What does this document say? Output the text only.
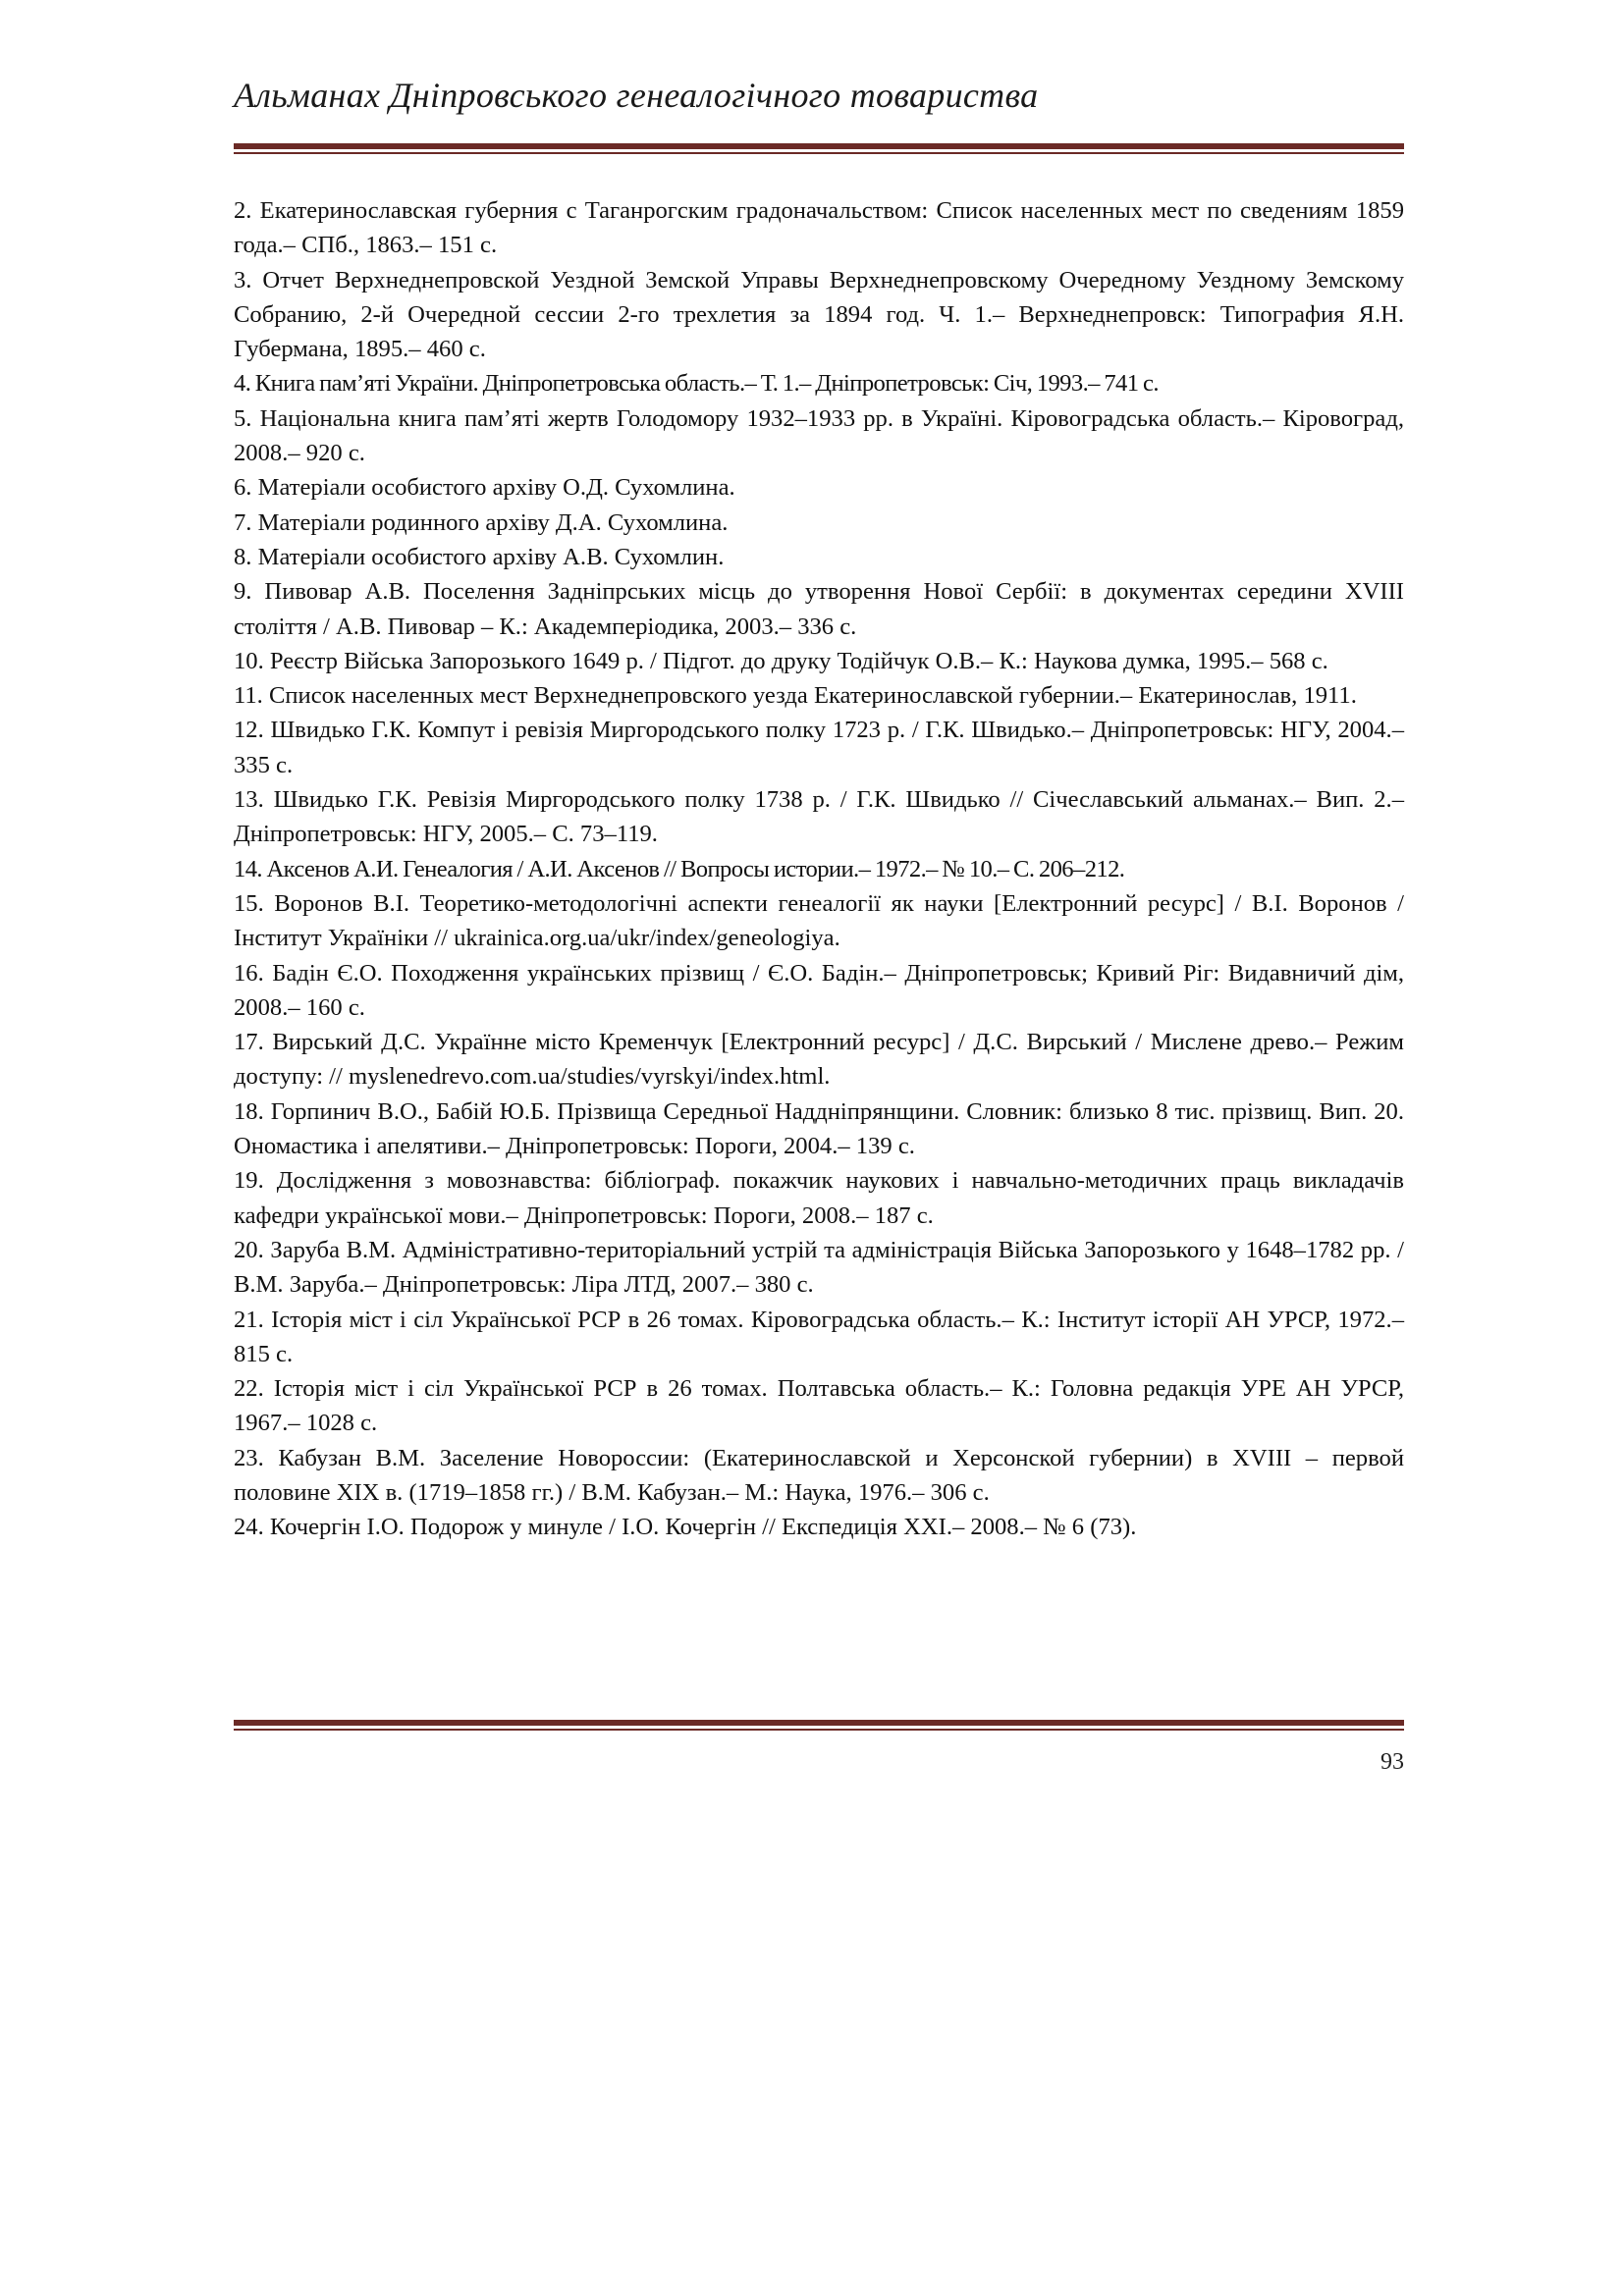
Альманах Дніпровського генеалогічного товариства

2. Екатеринославская губерния с Таганрогским градоначальством: Список населенных мест по сведениям 1859 года.– СПб., 1863.– 151 с.

3. Отчет Верхнеднепровской Уездной Земской Управы Верхнеднепровскому Очередному Уездному Земскому Собранию, 2-й Очередной сессии 2-го трехлетия за 1894 год. Ч. 1.– Верхнеднепровск: Типография Я.Н. Губермана, 1895.– 460 с.

4. Книга пам’яті України. Дніпропетровська область.– Т. 1.– Дніпропетровськ: Січ, 1993.– 741 с.

5. Національна книга пам’яті жертв Голодомору 1932–1933 рр. в Україні. Кіровоградська область.– Кіровоград, 2008.– 920 с.

6. Матеріали особистого архіву О.Д. Сухомлина.

7. Матеріали родинного архіву Д.А. Сухомлина.

8. Матеріали особистого архіву А.В. Сухомлин.

9. Пивовар А.В. Поселення Задніпрських місць до утворення Нової Сербії: в документах середини XVIII століття / А.В. Пивовар – К.: Академперіодика, 2003.– 336 с.

10. Реєстр Війська Запорозького 1649 р. / Підгот. до друку Тодійчук О.В.– К.: Наукова думка, 1995.– 568 с.

11. Список населенных мест Верхнеднепровского уезда Екатеринославской губернии.– Екатеринослав, 1911.

12. Швидько Г.К. Компут і ревізія Миргородського полку 1723 р. / Г.К. Швидько.– Дніпропетровськ: НГУ, 2004.– 335 с.

13. Швидько Г.К. Ревізія Миргородського полку 1738 р. / Г.К. Швидько // Січеславський альманах.– Вип. 2.– Дніпропетровськ: НГУ, 2005.– С. 73–119.

14. Аксенов А.И. Генеалогия / А.И. Аксенов // Вопросы истории.– 1972.– № 10.– С. 206–212.

15. Воронов В.І. Теоретико-методологічні аспекти генеалогії як науки [Електронний ресурс] / В.І. Воронов / Інститут Україніки // ukrainica.org.ua/ukr/index/geneologiya.

16. Бадін Є.О. Походження українських прізвищ / Є.О. Бадін.– Дніпропетровськ; Кривий Ріг: Видавничий дім, 2008.– 160 с.

17. Вирський Д.С. Українне місто Кременчук [Електронний ресурс] / Д.С. Вирський / Мислене древо.– Режим доступу: // myslenedrevo.com.ua/studies/vyrskyi/index.html.

18. Горпинич В.О., Бабій Ю.Б. Прізвища Середньої Наддніпрянщини. Словник: близько 8 тис. прізвищ. Вип. 20. Ономастика і апелятиви.– Дніпропетровськ: Пороги, 2004.– 139 с.

19. Дослідження з мовознавства: бібліограф. покажчик наукових і навчально-методичних праць викладачів кафедри української мови.– Дніпропетровськ: Пороги, 2008.– 187 с.

20. Заруба В.М. Адміністративно-територіальний устрій та адміністрація Війська Запорозького у 1648–1782 рр. / В.М. Заруба.– Дніпропетровськ: Ліра ЛТД, 2007.– 380 с.

21. Історія міст і сіл Української РСР в 26 томах. Кіровоградська область.– К.: Інститут історії АН УРСР, 1972.– 815 с.

22. Історія міст і сіл Української РСР в 26 томах. Полтавська область.– К.: Головна редакція УРЕ АН УРСР, 1967.– 1028 с.

23. Кабузан В.М. Заселение Новороссии: (Екатеринославской и Херсонской губернии) в XVIII – первой половине XIX в. (1719–1858 гг.) / В.М. Кабузан.– М.: Наука, 1976.– 306 с.

24. Кочергін І.О. Подорож у минуле / І.О. Кочергін // Експедиція XXI.– 2008.– № 6 (73).

93
